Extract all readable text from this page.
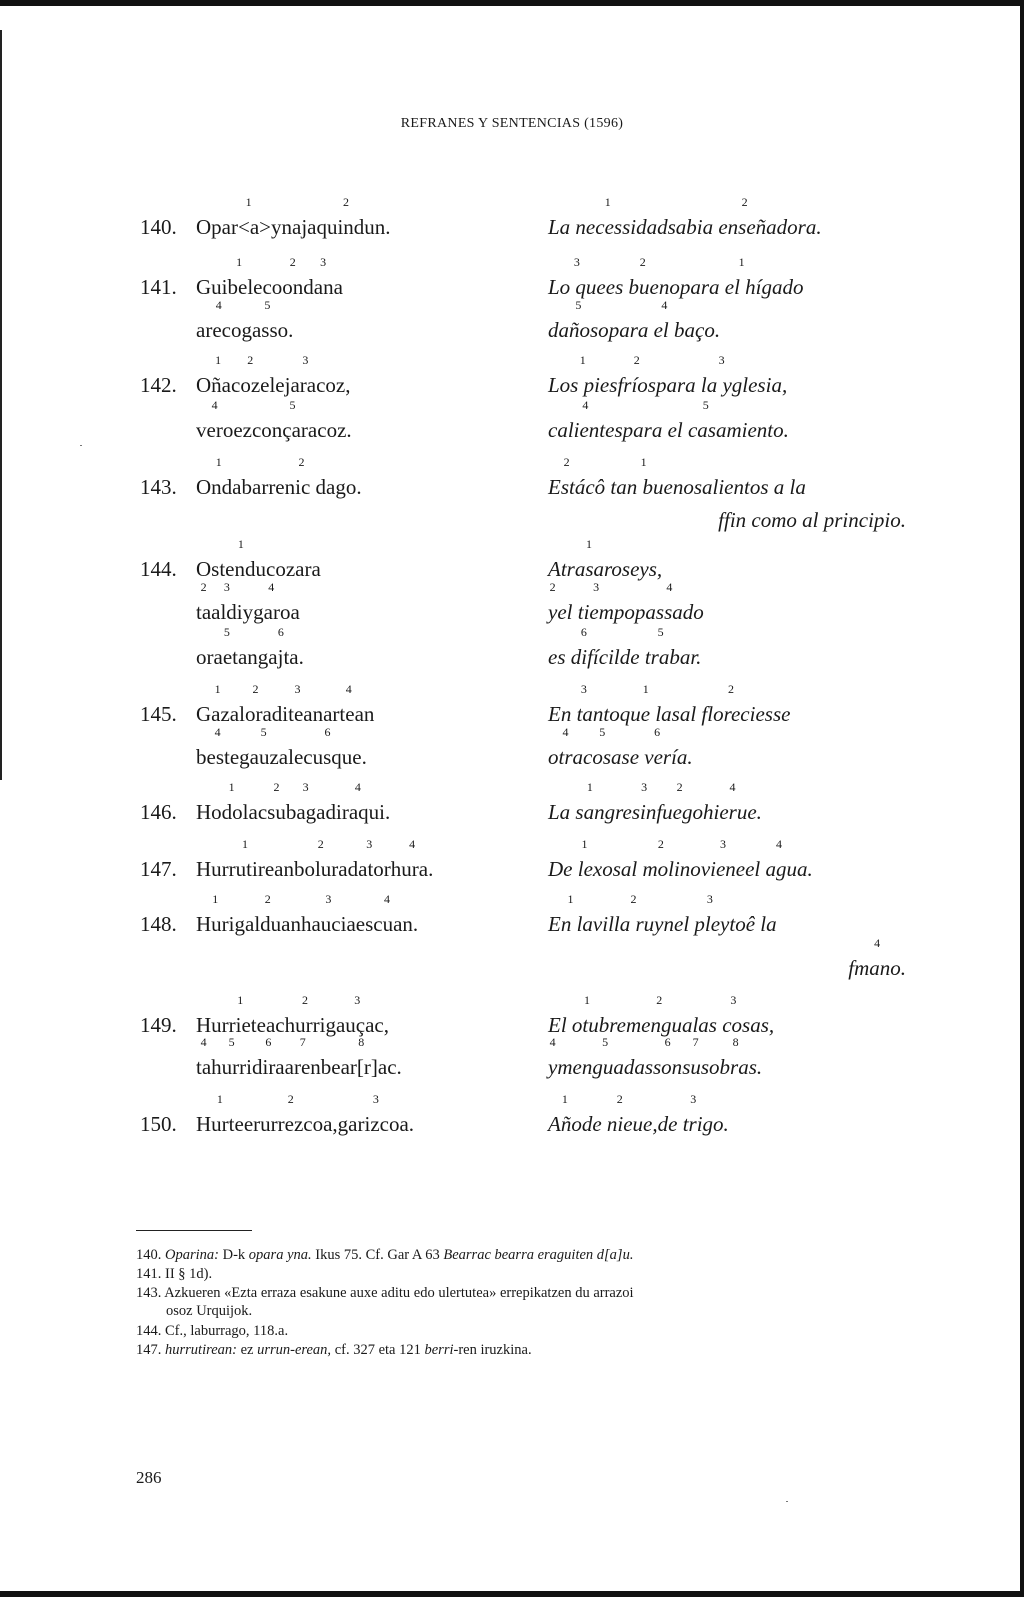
REFRANES Y SENTENCIAS (1596)
140. Opar<a>yna
1
jaquindun.
2
La necessidad
1
sabia enseñadora.
2
141. Guibeleco
1
on
2
dana
3
areco
4
gasso.
5
Lo que
3
es bueno
2
para el hígado
1
dañoso
5
para el baço.
4
142. Oñac
1
oz
2
elejaracoz,
3
vero
4
ezconçaracoz.
5
Los pies
1
fríos
2
para la yglesia,
3
calientes
4
para el casamiento.
5
143. Onda
1
barrenic dago.
2
Está
2
cô tan buenos
1
alientos a la
ffin como al principio.
144. Ostenduco
1
zara
ta
2
aldi
3
ygaroa
4
oraetan
5
gajta.
6
Atrasaros
1
eys,
y
2
el tiempo
3
passado
4
es difícil
6
de trabar.
5
145. Gaza
1
lora
2
ditean
3
artean
4
beste
4
gauza
5
lecusque.
6
En tanto
3
que la
1
sal floreciesse
2
otra
4
cosa
5
se vería.
6
146. Hodolac
1
su
2
baga
3
diraqui.
4
La sangre
1
sin
3
fuego
2
hierue.
4
147. Hurrutirean
1
bolura
2
dator
3
hura.
4
De lexos
1
al molino
2
viene
3
el agua.
4
148. Huri
1
galduan
2
haucia
3
escuan.
4
En la
1
villa ruyn
2
el pleyto
3
ê la
fmano.
4
149. Hurrieteac
1
hurri
2
gauçac,
3
ta
4
hurri
5
dira
6
aren
7
bear[r]ac.
8
El otubre
1
mengua
2
las cosas,
3
y
4
menguadas
5
son
6
sus
7
obras.
8
150. Hurte
1
erurrezcoa,
2
garizcoa.
3
Año
1
de nieue,
2
de trigo.
3
140. Oparina: D-k opara yna. Ikus 75. Cf. Gar A 63 Bearrac bearra eraguiten d[a]u.
141. II § 1d).
143. Azkueren «Ezta erraza esakune auxe aditu edo ulertutea» errepikatzen du arrazoi
osoz Urquijok.
144. Cf., laburrago, 118.a.
147. hurrutirean: ez urrun-erean, cf. 327 eta 121 berri-ren iruzkina.
286
